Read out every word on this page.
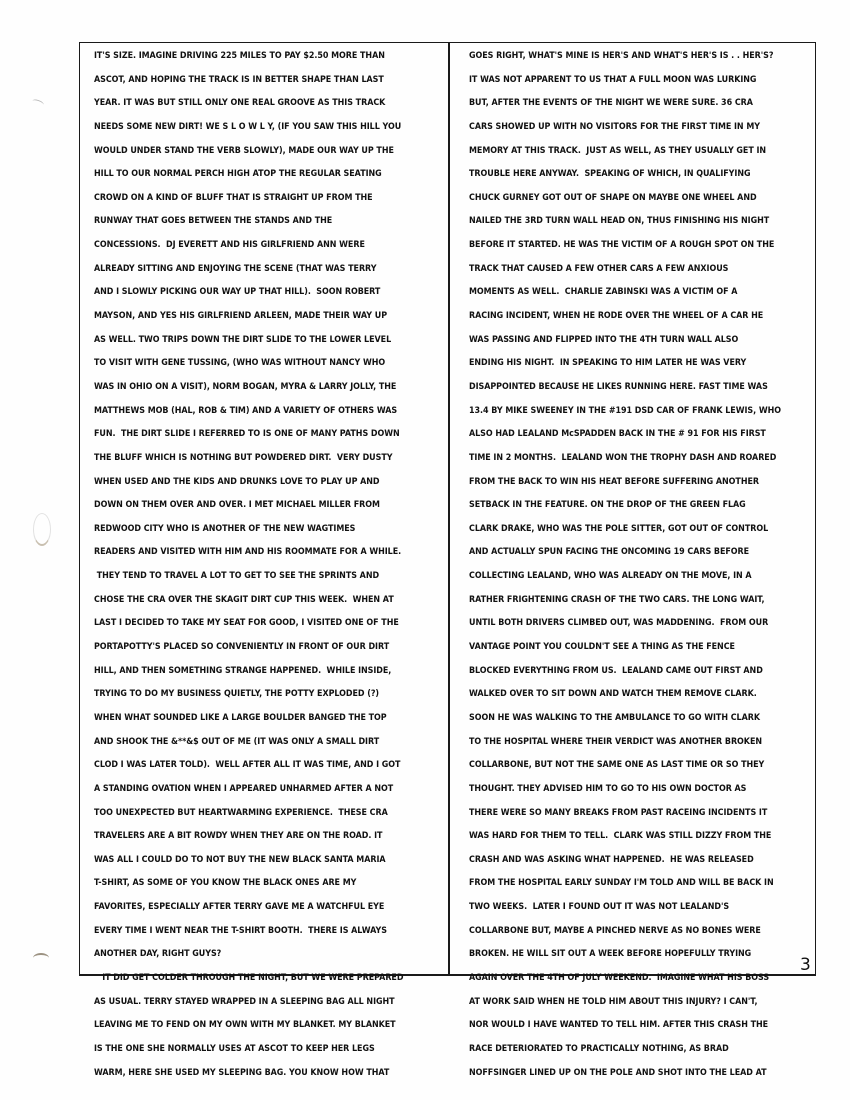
IT'S SIZE. IMAGINE DRIVING 225 MILES TO PAY $2.50 MORE THAN
ASCOT, AND HOPING THE TRACK IS IN BETTER SHAPE THAN LAST
YEAR. IT WAS BUT STILL ONLY ONE REAL GROOVE AS THIS TRACK
NEEDS SOME NEW DIRT! WE S L O W L Y, (IF YOU SAW THIS HILL YOU
WOULD UNDER STAND THE VERB SLOWLY), MADE OUR WAY UP THE
HILL TO OUR NORMAL PERCH HIGH ATOP THE REGULAR SEATING
CROWD ON A KIND OF BLUFF THAT IS STRAIGHT UP FROM THE
RUNWAY THAT GOES BETWEEN THE STANDS AND THE
CONCESSIONS.  DJ EVERETT AND HIS GIRLFRIEND ANN WERE
ALREADY SITTING AND ENJOYING THE SCENE (THAT WAS TERRY
AND I SLOWLY PICKING OUR WAY UP THAT HILL).  SOON ROBERT
MAYSON, AND YES HIS GIRLFRIEND ARLEEN, MADE THEIR WAY UP
AS WELL. TWO TRIPS DOWN THE DIRT SLIDE TO THE LOWER LEVEL
TO VISIT WITH GENE TUSSING, (WHO WAS WITHOUT NANCY WHO
WAS IN OHIO ON A VISIT), NORM BOGAN, MYRA & LARRY JOLLY, THE
MATTHEWS MOB (HAL, ROB & TIM) AND A VARIETY OF OTHERS WAS
FUN.  THE DIRT SLIDE I REFERRED TO IS ONE OF MANY PATHS DOWN
THE BLUFF WHICH IS NOTHING BUT POWDERED DIRT.  VERY DUSTY
WHEN USED AND THE KIDS AND DRUNKS LOVE TO PLAY UP AND
DOWN ON THEM OVER AND OVER. I MET MICHAEL MILLER FROM
REDWOOD CITY WHO IS ANOTHER OF THE NEW WAGTIMES
READERS AND VISITED WITH HIM AND HIS ROOMMATE FOR A WHILE.
THEY TEND TO TRAVEL A LOT TO GET TO SEE THE SPRINTS AND
CHOSE THE CRA OVER THE SKAGIT DIRT CUP THIS WEEK.  WHEN AT
LAST I DECIDED TO TAKE MY SEAT FOR GOOD, I VISITED ONE OF THE
PORTAPOTTY'S PLACED SO CONVENIENTLY IN FRONT OF OUR DIRT
HILL, AND THEN SOMETHING STRANGE HAPPENED.  WHILE INSIDE,
TRYING TO DO MY BUSINESS QUIETLY, THE POTTY EXPLODED (?)
WHEN WHAT SOUNDED LIKE A LARGE BOULDER BANGED THE TOP
AND SHOOK THE &**&$ OUT OF ME (IT WAS ONLY A SMALL DIRT
CLOD I WAS LATER TOLD).  WELL AFTER ALL IT WAS TIME, AND I GOT
A STANDING OVATION WHEN I APPEARED UNHARMED AFTER A NOT
TOO UNEXPECTED BUT HEARTWARMING EXPERIENCE.  THESE CRA
TRAVELERS ARE A BIT ROWDY WHEN THEY ARE ON THE ROAD. IT
WAS ALL I COULD DO TO NOT BUY THE NEW BLACK SANTA MARIA
T-SHIRT, AS SOME OF YOU KNOW THE BLACK ONES ARE MY
FAVORITES, ESPECIALLY AFTER TERRY GAVE ME A WATCHFUL EYE
EVERY TIME I WENT NEAR THE T-SHIRT BOOTH.  THERE IS ALWAYS
ANOTHER DAY, RIGHT GUYS?
IT DID GET COLDER THROUGH THE NIGHT, BUT WE WERE PREPARED
AS USUAL. TERRY STAYED WRAPPED IN A SLEEPING BAG ALL NIGHT
LEAVING ME TO FEND ON MY OWN WITH MY BLANKET. MY BLANKET
IS THE ONE SHE NORMALLY USES AT ASCOT TO KEEP HER LEGS
WARM, HERE SHE USED MY SLEEPING BAG. YOU KNOW HOW THAT
GOES RIGHT, WHAT'S MINE IS HER'S AND WHAT'S HER'S IS . . HER'S?
IT WAS NOT APPARENT TO US THAT A FULL MOON WAS LURKING
BUT, AFTER THE EVENTS OF THE NIGHT WE WERE SURE. 36 CRA
CARS SHOWED UP WITH NO VISITORS FOR THE FIRST TIME IN MY
MEMORY AT THIS TRACK.  JUST AS WELL, AS THEY USUALLY GET IN
TROUBLE HERE ANYWAY.  SPEAKING OF WHICH, IN QUALIFYING
CHUCK GURNEY GOT OUT OF SHAPE ON MAYBE ONE WHEEL AND
NAILED THE 3RD TURN WALL HEAD ON, THUS FINISHING HIS NIGHT
BEFORE IT STARTED. HE WAS THE VICTIM OF A ROUGH SPOT ON THE
TRACK THAT CAUSED A FEW OTHER CARS A FEW ANXIOUS
MOMENTS AS WELL.  CHARLIE ZABINSKI WAS A VICTIM OF A
RACING INCIDENT, WHEN HE RODE OVER THE WHEEL OF A CAR HE
WAS PASSING AND FLIPPED INTO THE 4TH TURN WALL ALSO
ENDING HIS NIGHT.  IN SPEAKING TO HIM LATER HE WAS VERY
DISAPPOINTED BECAUSE HE LIKES RUNNING HERE. FAST TIME WAS
13.4 BY MIKE SWEENEY IN THE #191 DSD CAR OF FRANK LEWIS, WHO
ALSO HAD LEALAND McSPADDEN BACK IN THE # 91 FOR HIS FIRST
TIME IN 2 MONTHS.  LEALAND WON THE TROPHY DASH AND ROARED
FROM THE BACK TO WIN HIS HEAT BEFORE SUFFERING ANOTHER
SETBACK IN THE FEATURE. ON THE DROP OF THE GREEN FLAG
CLARK DRAKE, WHO WAS THE POLE SITTER, GOT OUT OF CONTROL
AND ACTUALLY SPUN FACING THE ONCOMING 19 CARS BEFORE
COLLECTING LEALAND, WHO WAS ALREADY ON THE MOVE, IN A
RATHER FRIGHTENING CRASH OF THE TWO CARS. THE LONG WAIT,
UNTIL BOTH DRIVERS CLIMBED OUT, WAS MADDENING.  FROM OUR
VANTAGE POINT YOU COULDN'T SEE A THING AS THE FENCE
BLOCKED EVERYTHING FROM US.  LEALAND CAME OUT FIRST AND
WALKED OVER TO SIT DOWN AND WATCH THEM REMOVE CLARK.
SOON HE WAS WALKING TO THE AMBULANCE TO GO WITH CLARK
TO THE HOSPITAL WHERE THEIR VERDICT WAS ANOTHER BROKEN
COLLARBONE, BUT NOT THE SAME ONE AS LAST TIME OR SO THEY
THOUGHT. THEY ADVISED HIM TO GO TO HIS OWN DOCTOR AS
THERE WERE SO MANY BREAKS FROM PAST RACEING INCIDENTS IT
WAS HARD FOR THEM TO TELL.  CLARK WAS STILL DIZZY FROM THE
CRASH AND WAS ASKING WHAT HAPPENED.  HE WAS RELEASED
FROM THE HOSPITAL EARLY SUNDAY I'M TOLD AND WILL BE BACK IN
TWO WEEKS.  LATER I FOUND OUT IT WAS NOT LEALAND'S
COLLARBONE BUT, MAYBE A PINCHED NERVE AS NO BONES WERE
BROKEN. HE WILL SIT OUT A WEEK BEFORE HOPEFULLY TRYING
AGAIN OVER THE 4TH OF JULY WEEKEND.  IMAGINE WHAT HIS BOSS
AT WORK SAID WHEN HE TOLD HIM ABOUT THIS INJURY? I CAN'T,
NOR WOULD I HAVE WANTED TO TELL HIM. AFTER THIS CRASH THE
RACE DETERIORATED TO PRACTICALLY NOTHING, AS BRAD
NOFFSINGER LINED UP ON THE POLE AND SHOT INTO THE LEAD AT
3
